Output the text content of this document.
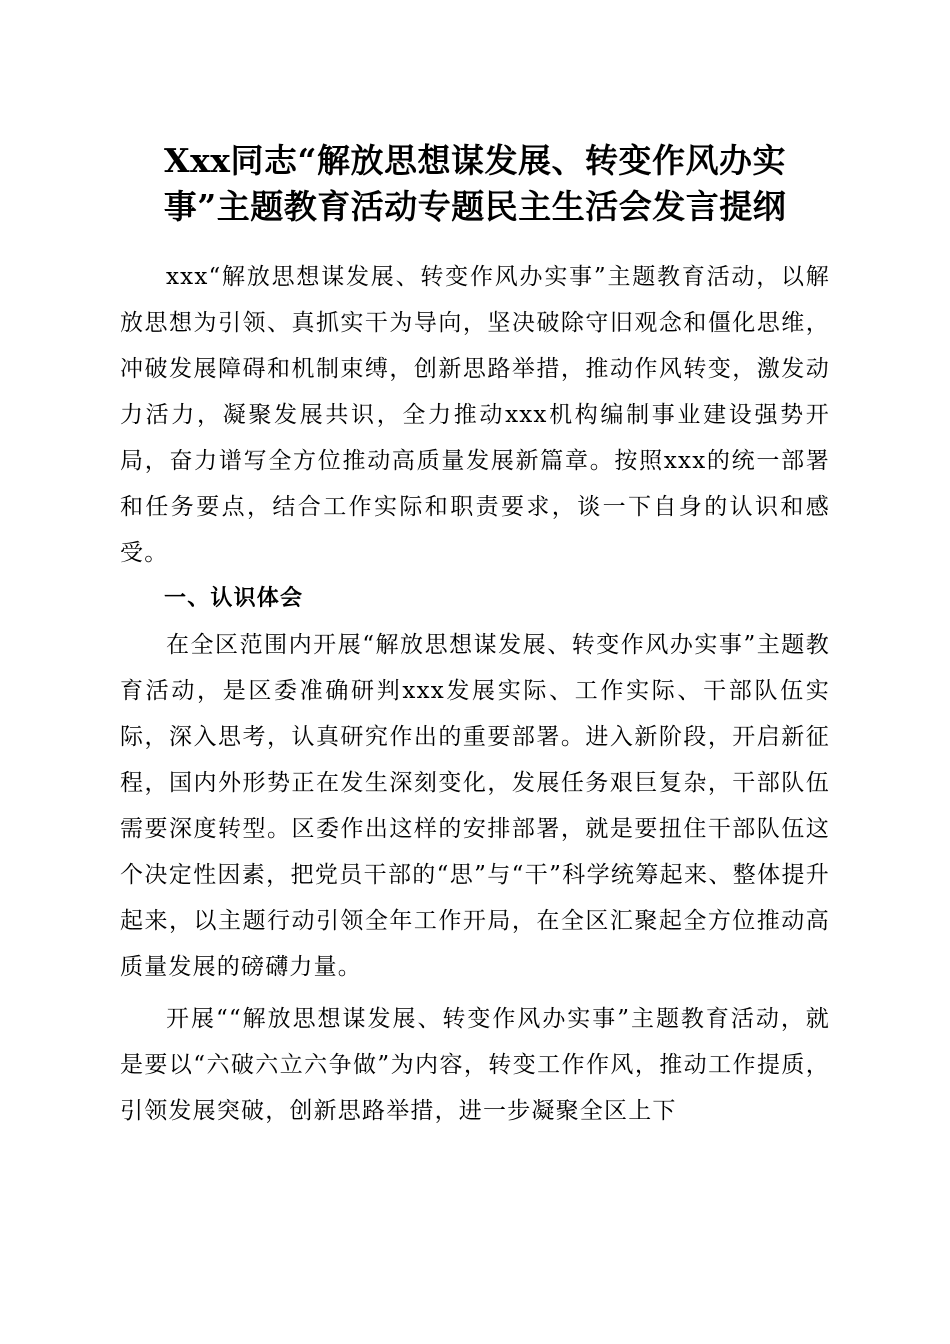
Xxx同志“解放思想谋发展、转变作风办实
事”主题教育活动专题民主生活会发言提纲

xxx“解放思想谋发展、转变作风办实事”主题教育活动，以解放思想为引领、真抓实干为导向，坚决破除守旧观念和僵化思维，冲破发展障碍和机制束缚，创新思路举措，推动作风转变，激发动力活力，凝聚发展共识，全力推动xxx机构编制事业建设强势开局，奋力谱写全方位推动高质量发展新篇章。按照xxx的统一部署和任务要点，结合工作实际和职责要求，谈一下自身的认识和感受。

一、认识体会

在全区范围内开展“解放思想谋发展、转变作风办实事”主题教育活动，是区委准确研判xxx发展实际、工作实际、干部队伍实际，深入思考，认真研究作出的重要部署。进入新阶段，开启新征程，国内外形势正在发生深刻变化，发展任务艰巨复杂，干部队伍需要深度转型。区委作出这样的安排部署，就是要扭住干部队伍这个决定性因素，把党员干部的“思”与“干”科学统筹起来、整体提升起来，以主题行动引领全年工作开局，在全区汇聚起全方位推动高质量发展的磅礴力量。

开展““解放思想谋发展、转变作风办实事”主题教育活动，就是要以“六破六立六争做”为内容，转变工作作风，推动工作提质，引领发展突破，创新思路举措，进一步凝聚全区上下
